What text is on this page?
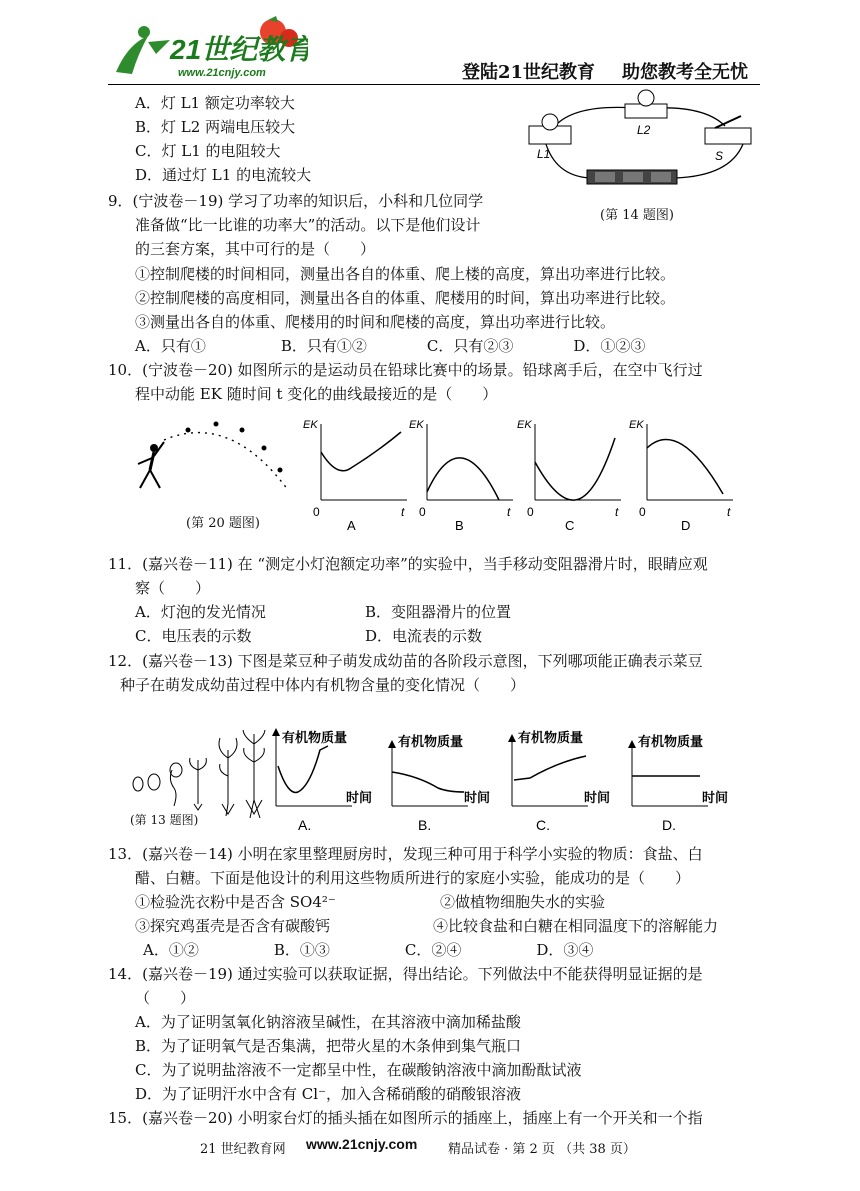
21世纪教育
www.21cnjy.com	登陆21世纪教育 助您教考全无忧
A．灯 L1 额定功率较大
B．灯 L2 两端电压较大
C．灯 L1 的电阻较大
D．通过灯 L1 的电流较大
L1
L2
S
(第 14 题图)
9．(宁波卷－19) 学习了功率的知识后，小科和几位同学
准备做“比一比谁的功率大”的活动。以下是他们设计
的三套方案，其中可行的是（　　）
①控制爬楼的时间相同，测量出各自的体重、爬上楼的高度，算出功率进行比较。
②控制爬楼的高度相同，测量出各自的体重、爬楼用的时间，算出功率进行比较。
③测量出各自的体重、爬楼用的时间和爬楼的高度，算出功率进行比较。
A．只有①　　　　　B．只有①②　　　　C．只有②③　　　　D．①②③
10．(宁波卷－20) 如图所示的是运动员在铅球比赛中的场景。铅球离手后，在空中飞行过
程中动能 EK 随时间 t 变化的曲线最接近的是（　　）
(第 20 题图)
EK
t
0
A
EK
t
0
B
EK
t
0
C
EK
t
0
D
11．(嘉兴卷－11) 在 “测定小灯泡额定功率”的实验中，当手移动变阻器滑片时，眼睛应观
察（　　）
A．灯泡的发光情况	B．变阻器滑片的位置
C．电压表的示数	D．电流表的示数
12．(嘉兴卷－13) 下图是菜豆种子萌发成幼苗的各阶段示意图，下列哪项能正确表示菜豆
种子在萌发成幼苗过程中体内有机物含量的变化情况（　　）
(第 13 题图)
有机物质量
时间
A.
有机物质量
时间
B.
有机物质量
时间
C.
有机物质量
时间
D.
13．(嘉兴卷－14) 小明在家里整理厨房时，发现三种可用于科学小实验的物质：食盐、白
醋、白糖。下面是他设计的利用这些物质所进行的家庭小实验，能成功的是（　　）
①检验洗衣粉中是否含 SO4²⁻	②做植物细胞失水的实验
③探究鸡蛋壳是否含有碳酸钙	④比较食盐和白糖在相同温度下的溶解能力
A．①②　　　　　B．①③　　　　　C．②④　　　　　D．③④
14．(嘉兴卷－19) 通过实验可以获取证据，得出结论。下列做法中不能获得明显证据的是
（　　）
A．为了证明氢氧化钠溶液呈碱性，在其溶液中滴加稀盐酸
B．为了证明氧气是否集满，把带火星的木条伸到集气瓶口
C．为了说明盐溶液不一定都呈中性，在碳酸钠溶液中滴加酚酞试液
D．为了证明汗水中含有 Cl⁻，加入含稀硝酸的硝酸银溶液
15．(嘉兴卷－20) 小明家台灯的插头插在如图所示的插座上，插座上有一个开关和一个指
21 世纪教育网 www.21cnjy.com 精品试卷 · 第 2 页 （共 38 页）
